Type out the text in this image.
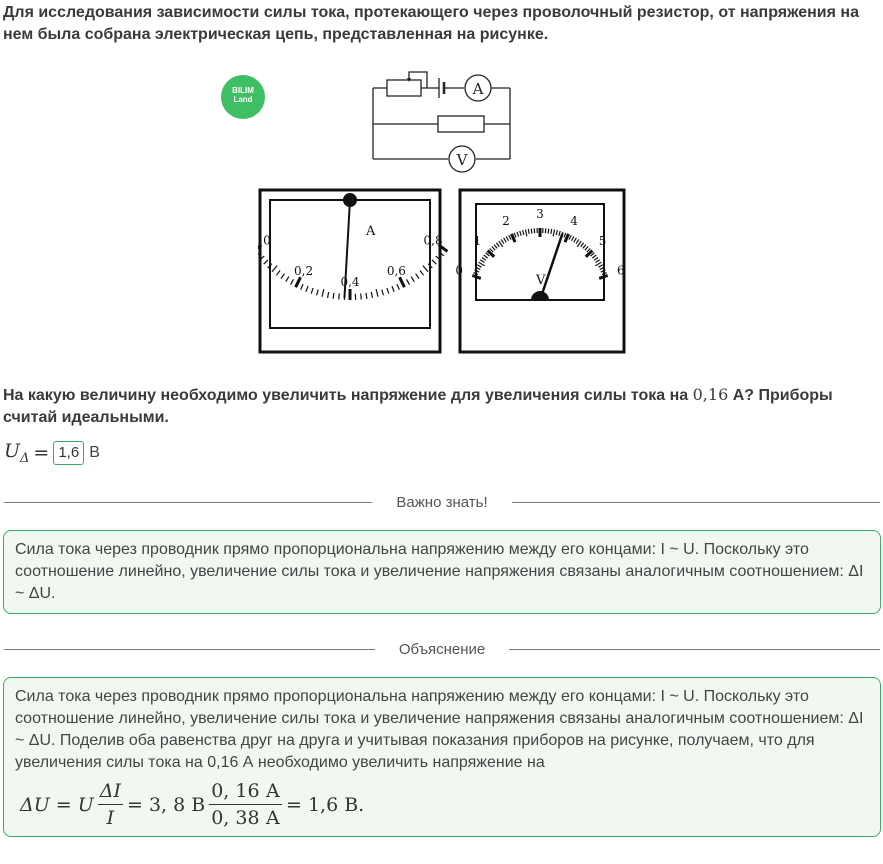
Для исследования зависимости силы тока, протекающего через проволочный резистор, от напряжения на нем была собрана электрическая цепь, представленная на рисунке.

BILIM
Land
A
V
A
0
0,2
0,4
0,6
0,8
V
0
1
2
3
4
5
6

На какую величину необходимо увеличить напряжение для увеличения силы тока на 0,16 А? Приборы считай идеальными.

$U_\Delta = 1,6$ В
Важно знать!

Сила тока через проводник прямо пропорциональна напряжению между его концами: I ~ U. Поскольку это соотношение линейно, увеличение силы тока и увеличение напряжения связаны аналогичным соотношением: ΔI ~ ΔU.

Объяснение

Сила тока через проводник прямо пропорциональна напряжению между его концами: I ~ U. Поскольку это соотношение линейно, увеличение силы тока и увеличение напряжения связаны аналогичным соотношением: ΔI ~ ΔU. Поделив оба равенства друг на друга и учитывая показания приборов на рисунке, получаем, что для увеличения силы тока на 0,16 А необходимо увеличить напряжение на

ΔU = U $\frac{\Delta I}{I} = 3$, 8 В $\frac{0, 16 А}{0, 38 А} = 1,6$ В.
